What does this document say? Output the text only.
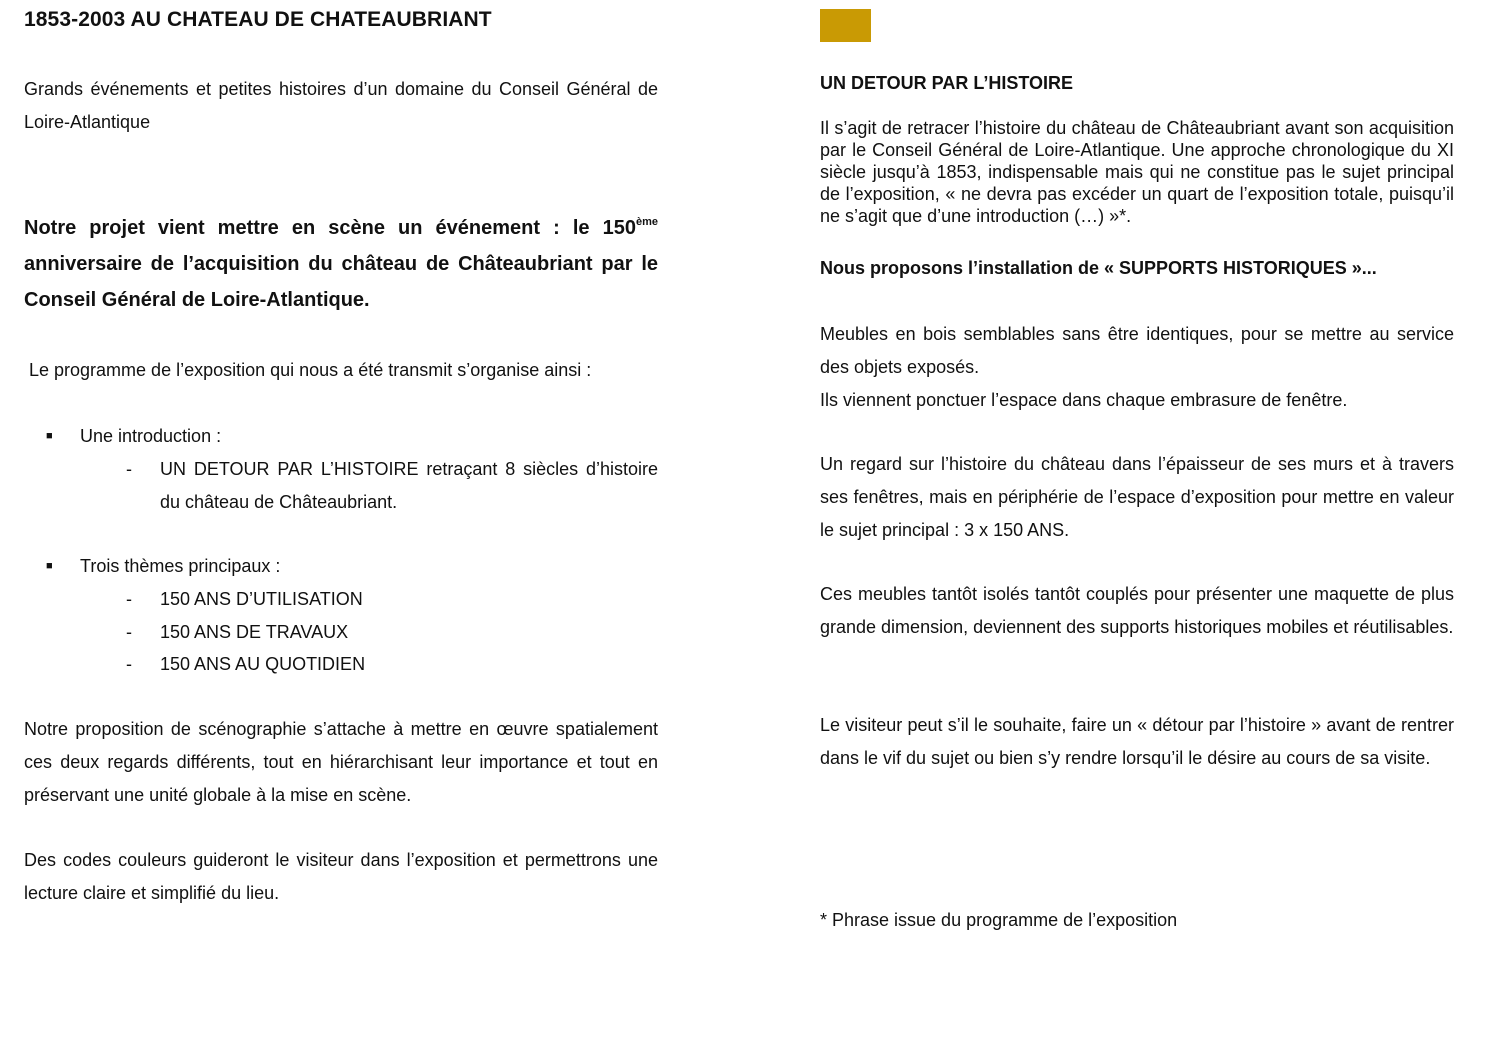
1853-2003 AU CHATEAU DE CHATEAUBRIANT

Grands événements et petites histoires d’un domaine du Conseil Général de Loire-Atlantique

Notre projet vient mettre en scène un événement : le 150ème anniversaire de l’acquisition du château de Châteaubriant par le Conseil Général de Loire-Atlantique.

Le programme de l’exposition qui nous a été transmit s’organise ainsi :

■ Une introduction :
- UN DETOUR PAR L’HISTOIRE retraçant 8 siècles d’histoire du château de Châteaubriant.
■ Trois thèmes principaux :
- 150 ANS D’UTILISATION
- 150 ANS DE TRAVAUX
- 150 ANS AU QUOTIDIEN

Notre proposition de scénographie s’attache à mettre en œuvre spatialement ces deux regards différents, tout en hiérarchisant leur importance et tout en préservant une unité globale à la mise en scène.

Des codes couleurs guideront le visiteur dans l’exposition et permettrons une lecture claire et simplifié du lieu.

UN DETOUR PAR L’HISTOIRE

Il s’agit de retracer l’histoire du château de Châteaubriant avant son acquisition par le Conseil Général de Loire-Atlantique. Une approche chronologique du XI siècle jusqu’à 1853, indispensable mais qui ne constitue pas le sujet principal de l’exposition, « ne devra pas excéder un quart de l’exposition totale, puisqu’il ne s’agit que d’une introduction (…) »*.

Nous proposons l’installation de « SUPPORTS HISTORIQUES »...

Meubles en bois semblables sans être identiques, pour se mettre au service des objets exposés.
Ils viennent ponctuer l’espace dans chaque embrasure de fenêtre.

Un regard sur l’histoire du château dans l’épaisseur de ses murs et à travers ses fenêtres, mais en périphérie de l’espace d’exposition pour mettre en valeur le sujet principal : 3 x 150 ANS.

Ces meubles tantôt isolés tantôt couplés pour présenter une maquette de plus grande dimension, deviennent des supports historiques mobiles et réutilisables.

Le visiteur peut s’il le souhaite, faire un « détour par l’histoire » avant de rentrer dans le vif du sujet ou bien s’y rendre lorsqu’il le désire au cours de sa visite.

* Phrase issue du programme de l’exposition
